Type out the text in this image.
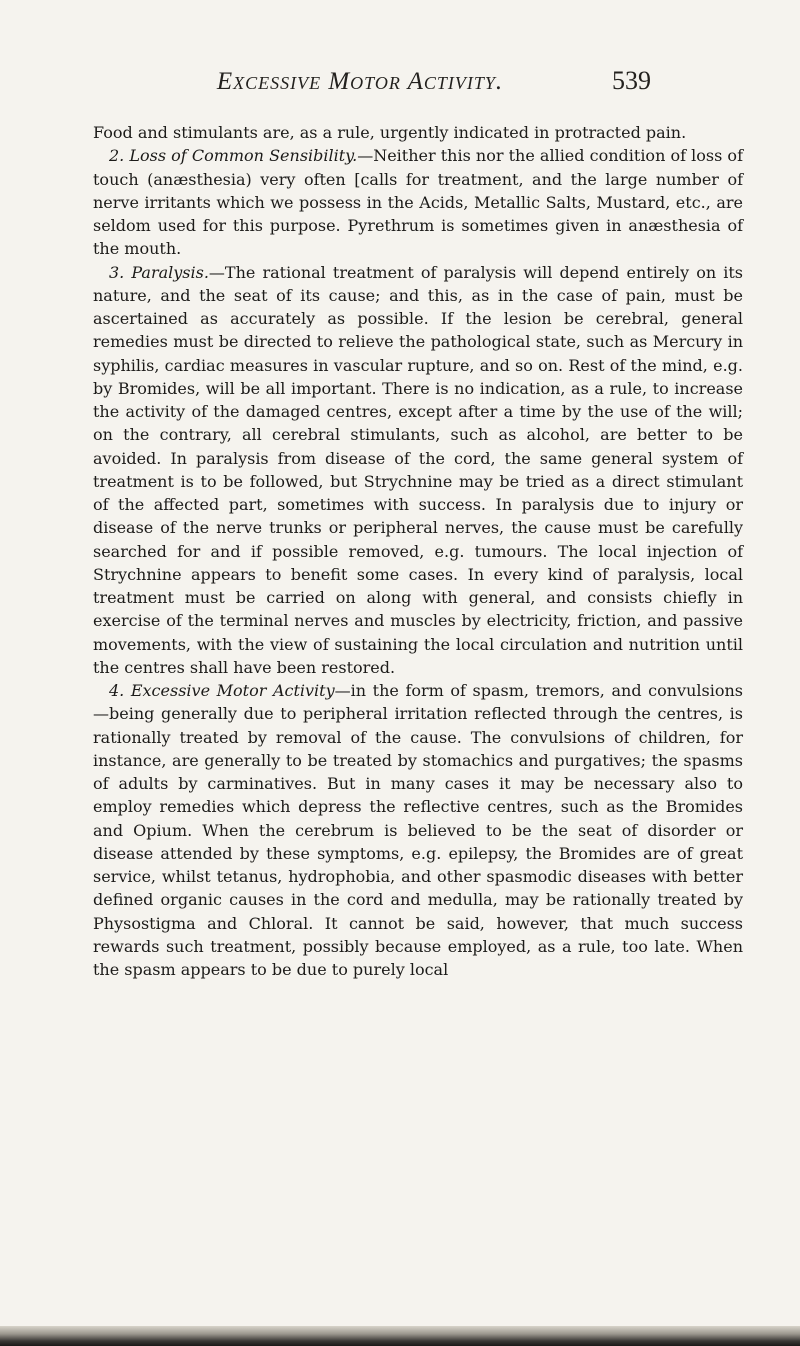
Excessive Motor Activity.	539

Food and stimulants are, as a rule, urgently indicated in protracted pain.

2. Loss of Common Sensibility.—Neither this nor the allied condition of loss of touch (anæsthesia) very often [calls for treatment, and the large number of nerve irritants which we possess in the Acids, Metallic Salts, Mustard, etc., are seldom used for this purpose. Pyrethrum is sometimes given in anæsthesia of the mouth.

3. Paralysis.—The rational treatment of paralysis will depend entirely on its nature, and the seat of its cause; and this, as in the case of pain, must be ascertained as accurately as possible. If the lesion be cerebral, general remedies must be directed to relieve the pathological state, such as Mercury in syphilis, cardiac measures in vascular rupture, and so on. Rest of the mind, e.g. by Bromides, will be all important. There is no indication, as a rule, to increase the activity of the damaged centres, except after a time by the use of the will; on the contrary, all cerebral stimulants, such as alcohol, are better to be avoided. In paralysis from disease of the cord, the same general system of treatment is to be followed, but Strychnine may be tried as a direct stimulant of the affected part, sometimes with success. In paralysis due to injury or disease of the nerve trunks or peripheral nerves, the cause must be carefully searched for and if possible removed, e.g. tumours. The local injection of Strychnine appears to benefit some cases. In every kind of paralysis, local treatment must be carried on along with general, and consists chiefly in exercise of the terminal nerves and muscles by electricity, friction, and passive movements, with the view of sustaining the local circulation and nutrition until the centres shall have been restored.

4. Excessive Motor Activity—in the form of spasm, tremors, and convulsions—being generally due to peripheral irritation reflected through the centres, is rationally treated by removal of the cause. The convulsions of children, for instance, are generally to be treated by stomachics and purgatives; the spasms of adults by carminatives. But in many cases it may be necessary also to employ remedies which depress the reflective centres, such as the Bromides and Opium. When the cerebrum is believed to be the seat of disorder or disease attended by these symptoms, e.g. epilepsy, the Bromides are of great service, whilst tetanus, hydrophobia, and other spasmodic diseases with better defined organic causes in the cord and medulla, may be rationally treated by Physostigma and Chloral. It cannot be said, however, that much success rewards such treatment, possibly because employed, as a rule, too late. When the spasm appears to be due to purely local
